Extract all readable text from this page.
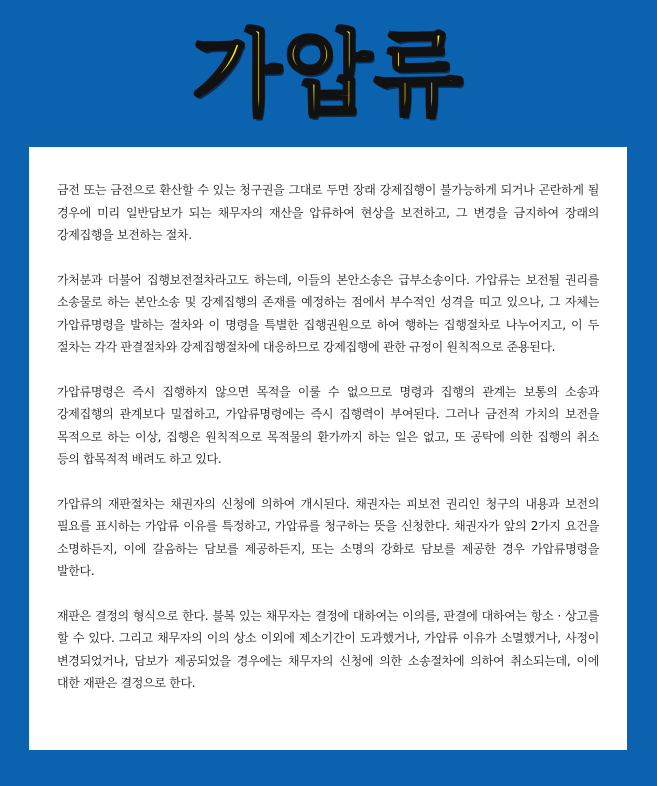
가압류

금전 또는 금전으로 환산할 수 있는 청구권을 그대로 두면 장래 강제집행이 불가능하게 되거나 곤란하게 될 경우에 미리 일반담보가 되는 채무자의 재산을 압류하여 현상을 보전하고, 그 변경을 금지하여 장래의 강제집행을 보전하는 절차.

가처분과 더불어 집행보전절차라고도 하는데, 이들의 본안소송은 급부소송이다. 가압류는 보전될 권리를 소송물로 하는 본안소송 및 강제집행의 존재를 예정하는 점에서 부수적인 성격을 띠고 있으나, 그 자체는 가압류명령을 발하는 절차와 이 명령을 특별한 집행권원으로 하여 행하는 집행절차로 나누어지고, 이 두 절차는 각각 판결절차와 강제집행절차에 대응하므로 강제집행에 관한 규정이 원칙적으로 준용된다.

가압류명령은 즉시 집행하지 않으면 목적을 이룰 수 없으므로 명령과 집행의 관계는 보통의 소송과 강제집행의 관계보다 밀접하고, 가압류명령에는 즉시 집행력이 부여된다. 그러나 금전적 가치의 보전을 목적으로 하는 이상, 집행은 원칙적으로 목적물의 환가까지 하는 일은 없고, 또 공탁에 의한 집행의 취소 등의 합목적적 배려도 하고 있다.

가압류의 재판절차는 채권자의 신청에 의하여 개시된다. 채권자는 피보전 권리인 청구의 내용과 보전의 필요를 표시하는 가압류 이유를 특정하고, 가압류를 청구하는 뜻을 신청한다. 채권자가 앞의 2가지 요건을 소명하든지, 이에 갈음하는 담보를 제공하든지, 또는 소명의 강화로 담보를 제공한 경우 가압류명령을 발한다.

재판은 결정의 형식으로 한다. 불복 있는 채무자는 결정에 대하여는 이의를, 판결에 대하여는 항소 · 상고를 할 수 있다. 그리고 채무자의 이의 상소 이외에 제소기간이 도과했거나, 가압류 이유가 소멸했거나, 사정이 변경되었거나, 담보가 제공되었을 경우에는 채무자의 신청에 의한 소송절차에 의하여 취소되는데, 이에 대한 재판은 결정으로 한다.
